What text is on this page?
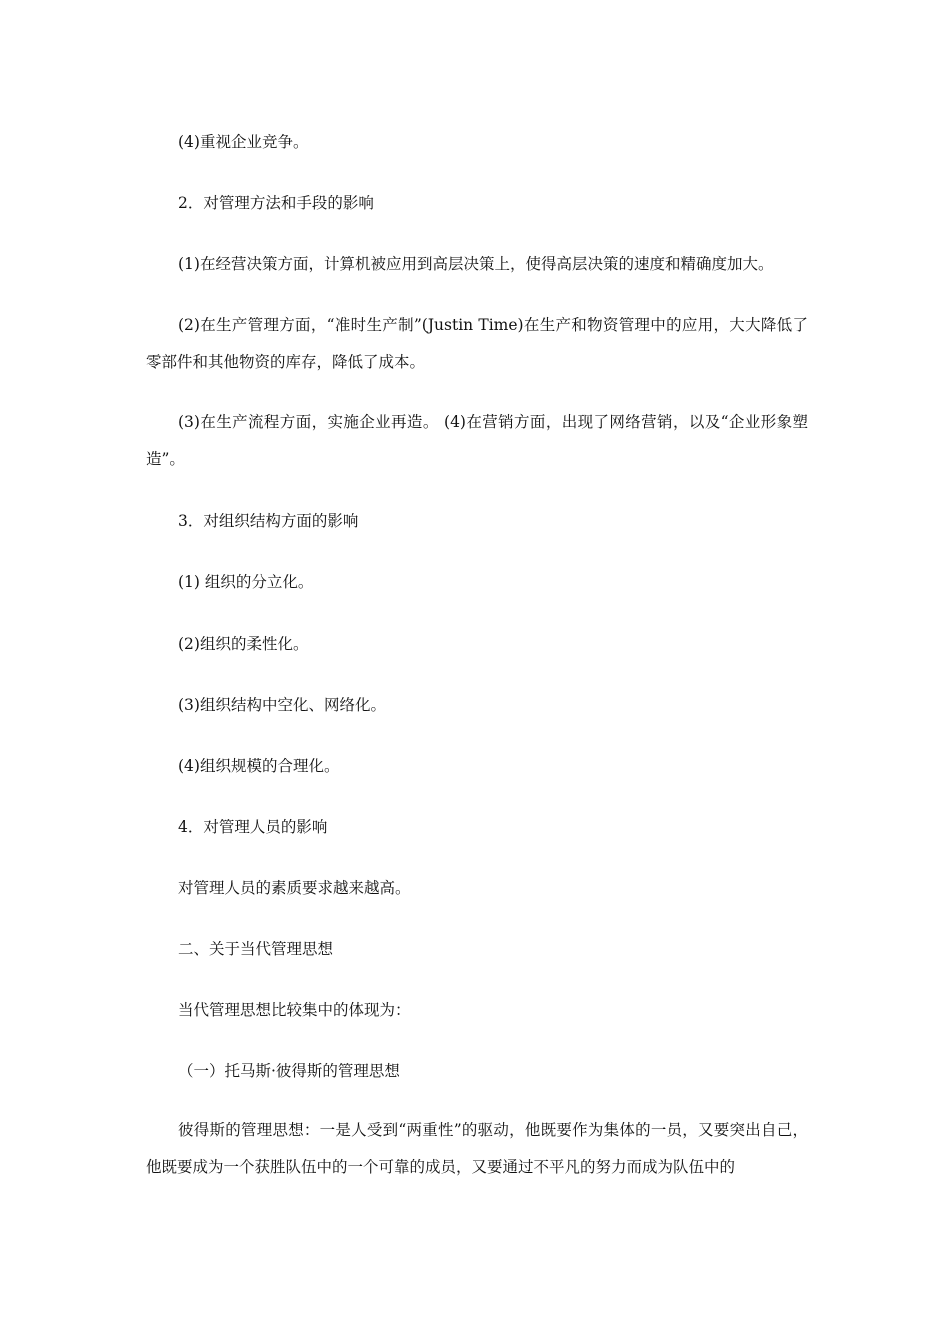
(4)重视企业竞争。

2．对管理方法和手段的影响

(1)在经营决策方面，计算机被应用到高层决策上，使得高层决策的速度和精确度加大。

(2)在生产管理方面，“准时生产制”(Justin Time)在生产和物资管理中的应用，大大降低了零部件和其他物资的库存，降低了成本。

(3)在生产流程方面，实施企业再造。 (4)在营销方面，出现了网络营销，以及“企业形象塑造”。

3．对组织结构方面的影响

(1) 组织的分立化。

(2)组织的柔性化。

(3)组织结构中空化、网络化。

(4)组织规模的合理化。

4．对管理人员的影响

对管理人员的素质要求越来越高。

二、关于当代管理思想

当代管理思想比较集中的体现为：

（一）托马斯·彼得斯的管理思想

彼得斯的管理思想：一是人受到“两重性”的驱动，他既要作为集体的一员，又要突出自己，他既要成为一个获胜队伍中的一个可靠的成员，又要通过不平凡的努力而成为队伍中的
